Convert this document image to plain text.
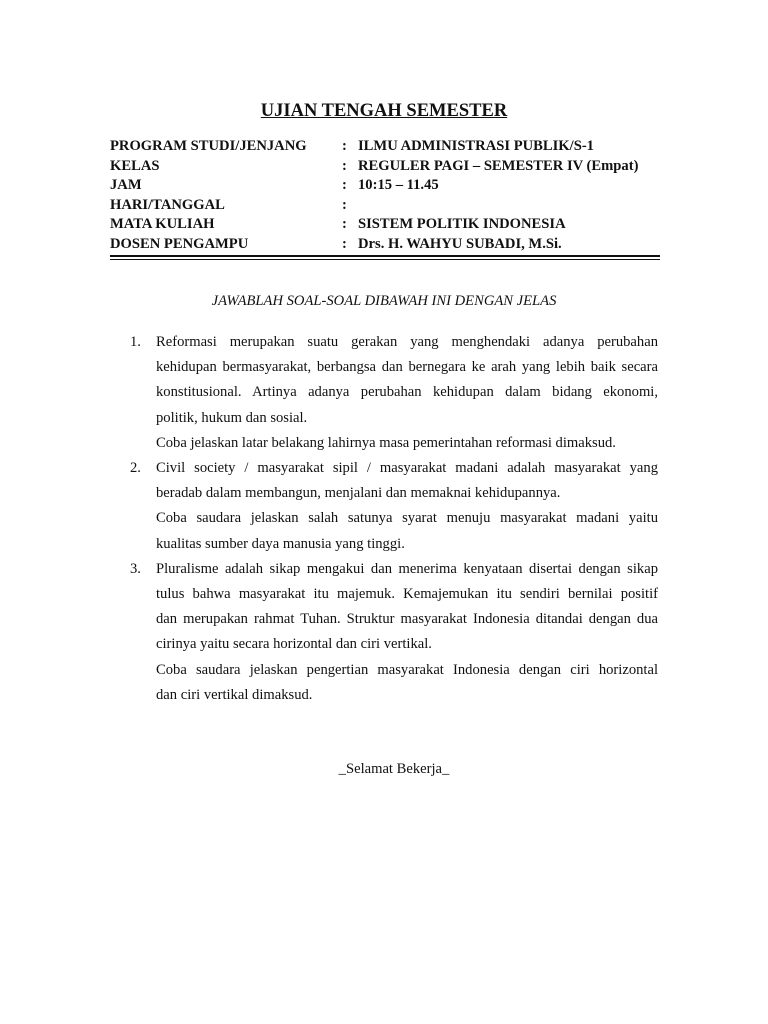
UJIAN TENGAH SEMESTER
PROGRAM STUDI/JENJANG	: ILMU ADMINISTRASI PUBLIK/S-1
KELAS	: REGULER PAGI – SEMESTER IV (Empat)
JAM	: 10:15 – 11.45
HARI/TANGGAL	:
MATA KULIAH	: SISTEM POLITIK INDONESIA
DOSEN PENGAMPU	: Drs. H. WAHYU SUBADI, M.Si.
JAWABLAH SOAL-SOAL DIBAWAH INI DENGAN JELAS
1. Reformasi merupakan suatu gerakan yang menghendaki adanya perubahan
kehidupan bermasyarakat, berbangsa dan bernegara ke arah yang lebih baik secara
konstitusional. Artinya adanya perubahan kehidupan dalam bidang ekonomi,
politik, hukum dan sosial.
Coba jelaskan latar belakang lahirnya masa pemerintahan reformasi dimaksud.
2. Civil society / masyarakat sipil / masyarakat madani adalah masyarakat yang
beradab dalam membangun, menjalani dan memaknai kehidupannya.
Coba saudara jelaskan salah satunya syarat menuju masyarakat madani yaitu
kualitas sumber daya manusia yang tinggi.
3. Pluralisme adalah sikap mengakui dan menerima kenyataan disertai dengan sikap
tulus bahwa masyarakat itu majemuk. Kemajemukan itu sendiri bernilai positif
dan merupakan rahmat Tuhan. Struktur masyarakat Indonesia ditandai dengan dua
cirinya yaitu secara horizontal dan ciri vertikal.
Coba saudara jelaskan pengertian masyarakat Indonesia dengan ciri horizontal
dan ciri vertikal dimaksud.
_Selamat Bekerja_
